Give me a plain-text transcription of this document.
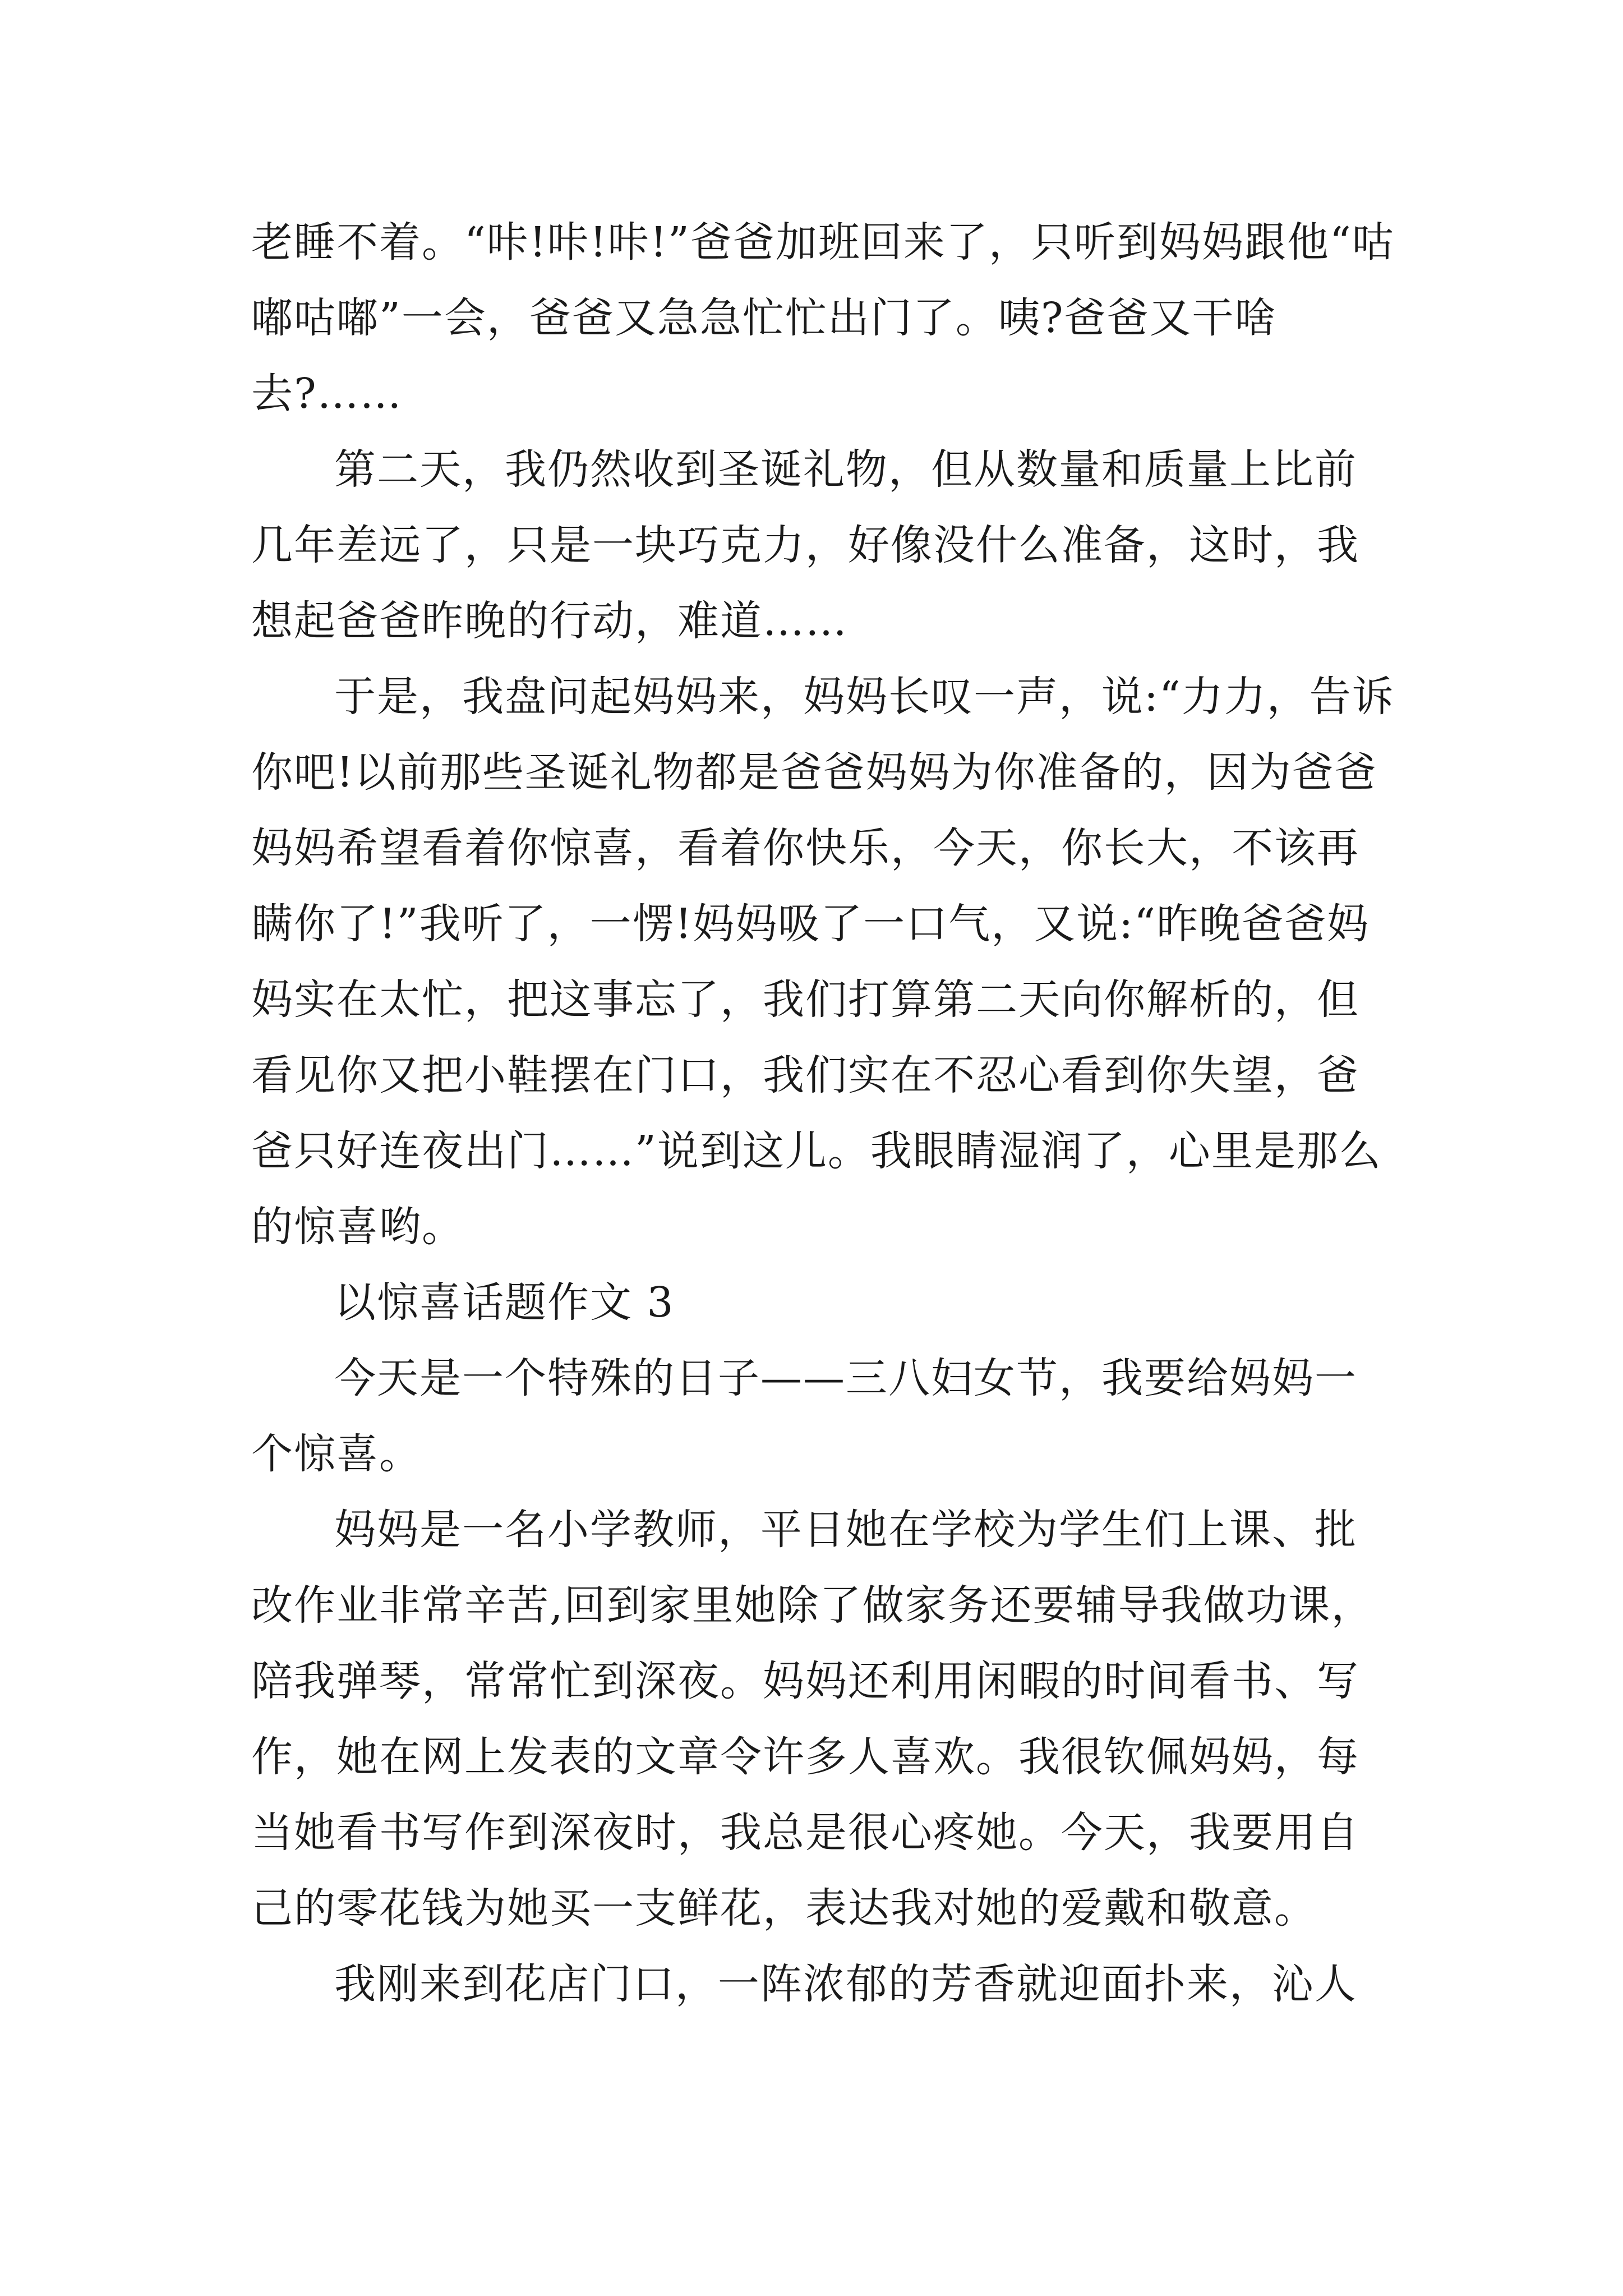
老睡不着。“咔!咔!咔!”爸爸加班回来了，只听到妈妈跟他“咕嘟咕嘟”一会，爸爸又急急忙忙出门了。咦?爸爸又干啥去?……

第二天，我仍然收到圣诞礼物，但从数量和质量上比前几年差远了，只是一块巧克力，好像没什么准备，这时，我想起爸爸昨晚的行动，难道……

于是，我盘问起妈妈来，妈妈长叹一声，说:“力力，告诉你吧!以前那些圣诞礼物都是爸爸妈妈为你准备的，因为爸爸妈妈希望看着你惊喜，看着你快乐，今天，你长大，不该再瞒你了!”我听了，一愣!妈妈吸了一口气，又说:“昨晚爸爸妈妈实在太忙，把这事忘了，我们打算第二天向你解析的，但看见你又把小鞋摆在门口，我们实在不忍心看到你失望，爸爸只好连夜出门……”说到这儿。我眼睛湿润了，心里是那么的惊喜哟。

以惊喜话题作文 3

今天是一个特殊的日子——三八妇女节，我要给妈妈一个惊喜。

妈妈是一名小学教师，平日她在学校为学生们上课、批改作业非常辛苦,回到家里她除了做家务还要辅导我做功课，陪我弹琴，常常忙到深夜。妈妈还利用闲暇的时间看书、写作，她在网上发表的文章令许多人喜欢。我很钦佩妈妈，每当她看书写作到深夜时，我总是很心疼她。今天，我要用自己的零花钱为她买一支鲜花，表达我对她的爱戴和敬意。

我刚来到花店门口，一阵浓郁的芳香就迎面扑来，沁人
